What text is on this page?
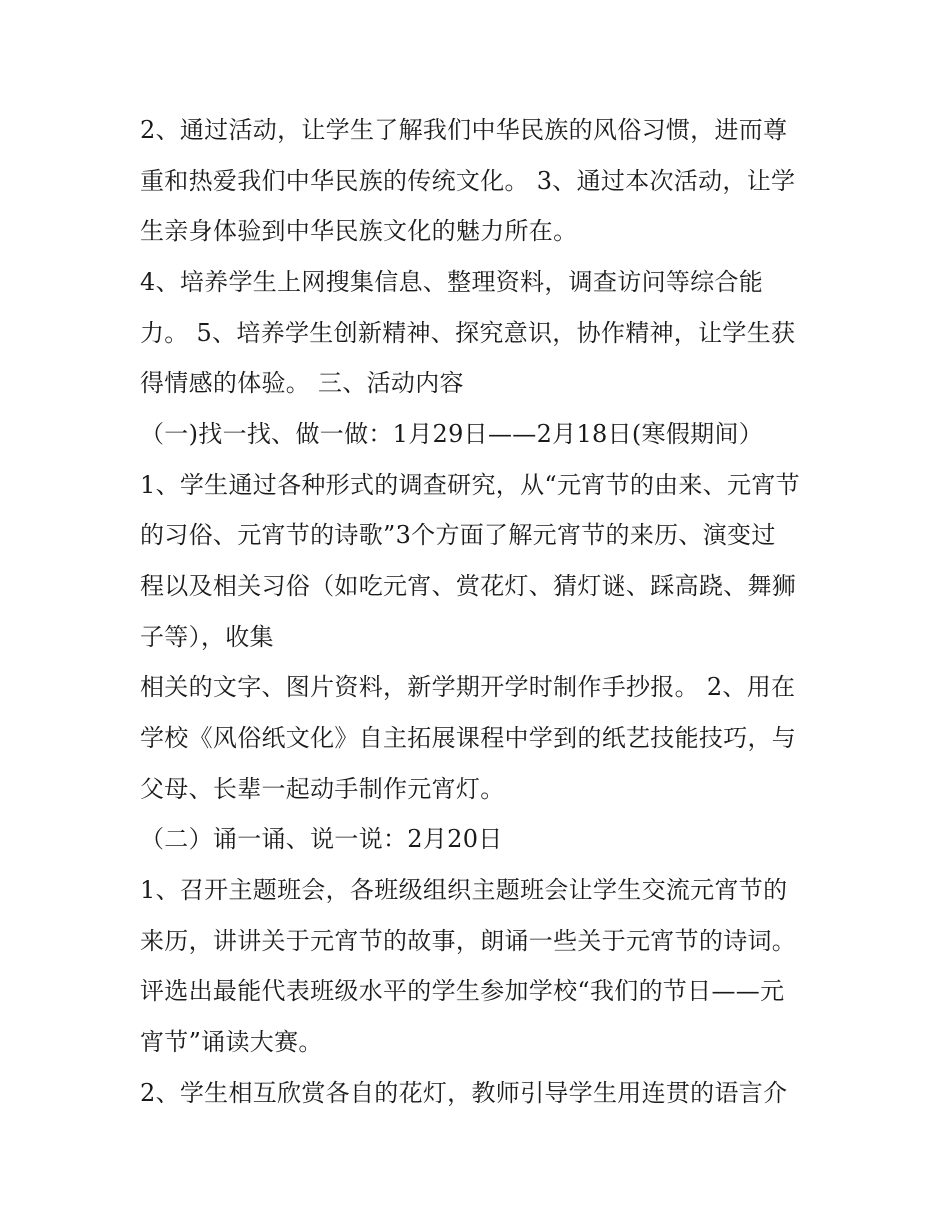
2、通过活动，让学生了解我们中华民族的风俗习惯，进而尊
重和热爱我们中华民族的传统文化。 3、通过本次活动，让学
生亲身体验到中华民族文化的魅力所在。
4、培养学生上网搜集信息、整理资料，调查访问等综合能
力。 5、培养学生创新精神、探究意识，协作精神，让学生获
得情感的体验。 三、活动内容
（一)找一找、做一做：1月29日——2月18日(寒假期间）
1、学生通过各种形式的调查研究，从“元宵节的由来、元宵节
的习俗、元宵节的诗歌”3个方面了解元宵节的来历、演变过
程以及相关习俗（如吃元宵、赏花灯、猜灯谜、踩高跷、舞狮
子等），收集
相关的文字、图片资料，新学期开学时制作手抄报。 2、用在
学校《风俗纸文化》自主拓展课程中学到的纸艺技能技巧，与
父母、长辈一起动手制作元宵灯。
（二）诵一诵、说一说：2月20日
1、召开主题班会，各班级组织主题班会让学生交流元宵节的
来历，讲讲关于元宵节的故事，朗诵一些关于元宵节的诗词。
评选出最能代表班级水平的学生参加学校“我们的节日——元
宵节”诵读大赛。
2、学生相互欣赏各自的花灯，教师引导学生用连贯的语言介
